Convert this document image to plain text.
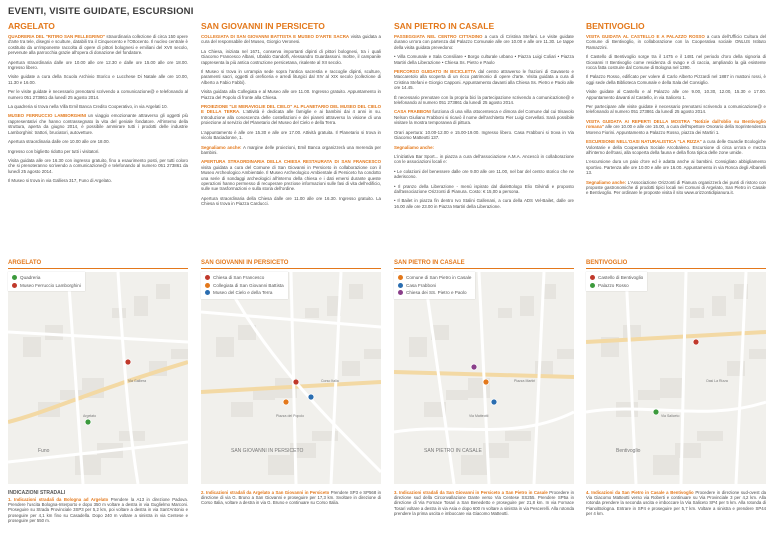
EVENTI, VISITE GUIDATE, ESCURSIONI
ARGELATO

QUADRERIA DEL "RITIRO SAN PELLEGRINO" straordinaria collezione di circa 150 opere d'arte tra tele, disegni e sculture, databili tra il Cinquecento e l'Ottocento. Il nucleo centrale è costituito da un'imponente raccolta di opere di pittori bolognesi e emiliani del XVII secolo, pervenute alla parrocchia grazie all'opera di donazione del fondatore.

Apertura straordinaria dalle ore 10.00 alle ore 12.30 e dalle ore 15.00 alle ore 18.00. Ingresso libero.

Visite guidate a cura della Scuola Archivio Storico e Lucchese Di Natale alle ore 10.00, 11.30 e 16.00.

Per le visite guidate è necessario prenotarsi scrivendo a comunicazione@ e telefonando al numero 051 273861 da lunedì 25 agosto 2014.

La quadreria si trova nella Villa Ernil Banca Credito Cooperativo, in via Argelati 10.

MUSEO FERRUCCIO LAMBORGHINI un viaggio emozionante attraverso gli oggetti più rappresentativi che hanno contrassegnato la vita del geniale fondatore. All'interno della struttura, aperta da giugno 2014, è possibile ammirare tutti i prodotti delle industrie Lamborghini: trattori, bruciatori, autovetture.

Apertura straordinaria dalle ore 10.00 alle ore 18.00.

Ingresso con biglietto ridotto per tutti i visitatori.

Visita guidata alle ore 16.30 con ingresso gratuito, fino a esaurimento posti, per tutti coloro che si prenoteranno scrivendo a comunicazione@ e telefonando al numero 051 273861 da lunedì 25 agosto 2014.

Il Museo si trova in via Galliera 317, Funo di Argelato.

SAN GIOVANNI IN PERSICETO

COLLEGIATA DI SAN GIOVANNI BATTISTA E MUSEO D'ARTE SACRA visita guidata a cura del responsabile del Museo, Giorgio Veronesi.

La Chiesa, iniziata nel 1671, conserva importanti dipinti di pittori bolognesi, tra i quali Giacomo Francesco Albani, Ubaldo Gandolfi, Alessandro Guardassoni. Inoltre, il campanile rappresenta la più antica costruzione persicetana, risalente al XII secolo.

Il Museo si trova in un'ampia sede sopra l'antica sacrestia e raccoglie dipinti, sculture, paramenti sacri, oggetti di oreficeria e arredi liturgici dal XIV al XIX secolo (collezione di Alberto a Fabio Fabbi).

Visita guidata alla Collegiata e al Museo alle ore 11.00. Ingresso gratuito. Appuntamento in Piazza del Popolo di fronte alla Chiesa.

PROIEZIONE "LE MERAVIGLIE DEL CIELO" AL PLANETARIO DEL MUSEO DEL CIELO E DELLA TERRA. L'attività è dedicata alle famiglie e ai bambini dai 4 anni in su. Introduzione alla conoscenza delle costellazioni e dei pianeti attraverso la visione di una proiezione al servizio del Planetario del Museo del Cielo e della Terra.

L'appuntamento è alle ore 15.30 e alle ore 17.00. Attività gratuita. Il Planetario si trova in vicolo Baciadonne, 1.

Segnaliamo anche: A margine delle proiezioni, Emil Banca organizzerà una merenda per bambini.

APERTURA STRAORDINARIA DELLA CHIESA RESTAURATA DI SAN FRANCESCO visita guidata a cura del Comune di San Giovanni in Persiceto in collaborazione con il Museo Archeologico Ambientale. Il Museo Archeologico Ambientale di Persiceto ha condotto una serie di sondaggi archeologici all'interno della chiesa e i dati emersi durante queste operazioni hanno permesso di recuperare preziose informazioni sulle fasi di vita dell'edificio, sulle sue trasformazioni e sulla storia dell'ordine.

Apertura straordinaria della Chiesa dalle ore 11.00 alle ore 16.30. Ingresso gratuito. La Chiesa si trova in Piazza Carducci.

SAN PIETRO IN CASALE

PASSEGGIATA NEL CENTRO CITTADINO a cura di Cristina Stefani. Le visite guidate durano un'ora con partenza dal Palazzo Comunale alle ore 10.00 e alle ore 11.30. Le tappe della visita guidata prevedono:

• Villa Comunale e Sala Consiliare • Borgo culturale urbano • Piazza Luigi Coliari • Piazza Martiri della Liberazione • Chiesa Ss. Pietro e Paolo

PERCORSO GUIDATO IN BICICLETTA dal centro attraverso le frazioni di Gavaseto e Maccaretolo alla scoperta di un ricco patrimonio di opere d'arte. Visita guidata a cura di Cristina Stefani e Giorgio Capponi. Appuntamento davanti alla Chiesa Ss. Pietro e Paolo alle ore 14.45.

È necessario prenotare con la propria bici la partecipazione scrivendo a comunicazione@ e telefonando al numero 051 273861 da lunedì 25 agosto 2014.

CASA FRABBONI funziona di una villa ottocentesca e dimora del Comune dal cui trisavolo Nelson Giuliano Frabboni si ricavò il nome dell'architetto Pier Luigi Cervellati. Sarà possibile visitare la mostra temporanea di pittura.

Orari apertura: 10.00-12.00 e 15.00-19.00. Ingresso libero. Casa Frabboni si trova in Via Giacomo Matteotti 137.

Segnaliamo anche:

L'iniziativa Bar Sport... in piazza a cura dell'associazione A.M.A. Ancescò in collaborazione con le associazioni locali e:

• Le colazioni del benessere dalle ore 9.00 alle ore 11.00, nel bar del centro storico che ne aderiscono.

• Il pranzo della Liberazione - menù ispirato dal dialettologo Elio Gilvindi e proposto dall'associazione Orizzonti di Pianura. Costo: € 15,00 a persona.

• Il Bailet in piazza fin dentro Ivo Stalini Gallenani, a cura della ADS Vel-Bailet, dalle ore 16.00 alle ore 23.00 in Piazza Martiri della Liberazione.

BENTIVOGLIO

VISITA GUIDATA AL CASTELLO E A PALAZZO ROSSO a cura dell'Ufficio Cultura del Comune di Bentivoglio, in collaborazione con la Cooperativa sociale ONLUS Istituto Ramazzini.

Il Castello di Bentivoglio sorge tra il 1475 e il 1481 nel periodo d'oro della signoria di Giovanni II Bentivoglio come residenza di svago e di caccia, ampliando la già esistente rocca fatta costruire dal Comune di Bologna nel 1390.

Il Palazzo Rosso, edificato per volere di Carlo Alberto Pizzardi nel 1887 in mattoni rossi, è oggi sede della Biblioteca Comunale e della Sala del Consiglio.

Visite guidate al Castello e al Palazzo alle ore 9.00, 10.30, 12.00, 15.30 e 17.00. Appuntamento davanti al Castello, in via Saliceto 1.

Per partecipare alle visite guidate è necessario prenotarsi scrivendo a comunicazione@ e telefonando al numero 051 273861 da lunedì 25 agosto 2014.

VISITA GUIDATA AI REPERTI DELLA MOSTRA "Notizie dall'oblio su Bentivoglio romana" alle ore 10.00 e alle ore 15.00, a cura dell'Ispettore Onorario della Soprintendenza Moreno Fiorini. Appuntamento a Palazzo Rosso, piazza dei Martiri 1.

ESCURSIONE NELL'OASI NATURALISTICA "LA RIZZA" a cura delle Guardie Ecologiche Volontarie e della Cooperativa Sociale Arcobaleno. Escursione di circa un'ora e mezza all'interno dell'oasi, alla scoperta della fauna e della flora tipica delle zone umide.

L'escursione dura un paio d'ore ed è adatta anche ai bambini. Consigliato abbigliamento sportivo. Partenza alle ore 10.00 e alle ore 16.00. Appuntamento in via Ronca degli Albanelli 13.

Segnaliamo anche: L'Associazione Orizzonti di Pianura organizzerà dei punti di ristoro con proposte gastronomiche di prodotti tipici locali nei Comuni di Argelato, San Pietro in Casale e Bentivoglio. Per ordinare le proposte visita il sito www.orizzontidipianura.it.

ARGELATO
Funo
Argelato
Via Galliera
Quadreria
Museo Ferruccio Lamborghini
SAN GIOVANNI IN PERSICETO
SAN GIOVANNI IN PERSICETO
Piazza del Popolo
Corso Italia
Chiesa di San Francesco
Collegiata di San Giovanni Battista
Museo del Cielo e della Terra
SAN PIETRO IN CASALE
SAN PIETRO IN CASALE
Via Matteotti
Piazza Martiri
Comune di San Pietro in Casale
Casa Frabboni
Chiesa dei SS. Pietro e Paolo
BENTIVOGLIO
Bentivoglio
Via Saliceto
Oasi La Rizza
Castello di Bentivoglio
Palazzo Rosso
INDICAZIONI STRADALI
1. Indicazioni stradali da Bologna ad Argelato Prendere la A13 in direzione Padova. Prendere l'uscita Bologna-Interporto e dopo 350 m voltare a destra in via Guglielmo Marconi. Proseguire su Strada Provinciale 3SP3 per 5,2 km, poi voltare a destra in via Sant'Antonio e proseguire per 4,1 km fino su Casadella. Dopo 240 m voltare a sinistra in via Centese e proseguire per 550 m.
2. Indicazioni stradali da Argelato a San Giovanni in Persiceto Prendere SP3 e SP568 in direzione di via G. Bruno a San Giovanni e proseguire per 17,3 km. Svoltare in direzione di Corso Italia, voltare a destra in via G. Bruno e continuare su Corso Italia.
3. Indicazioni stradali da San Giovanni in Persiceto a San Pietro in Casale Procedere in direzione sud della Circonvallazione Dante verso Via Centese SS255. Prendere SP5a in direzione di Via Fornace Tosari a San Benedetto e proseguire per 21,8 km. In via Fornace Tosari voltare a destra in via Asia e dopo 600 m voltare a sinistra in via Pescerelli. Alla rotonda prendere la prima uscita e imboccare via Giacomo Matteotti.
4. Indicazioni da San Pietro in Casale a Bentivoglio Procedere in direzione sud-ovest da Via Giacomo Matteotti verso via Roberti e continuare su Via Provinciale 3 per 4,2 km. Alla rotonda prendere la seconda uscita e imboccare la Via Saliceto SP4 per 5 km. Alla rotonda di Piano/Bologna. Entrare in SP4 e proseguire per 5,7 km. Voltare a sinistra e prendere SP44 per 4 km.
